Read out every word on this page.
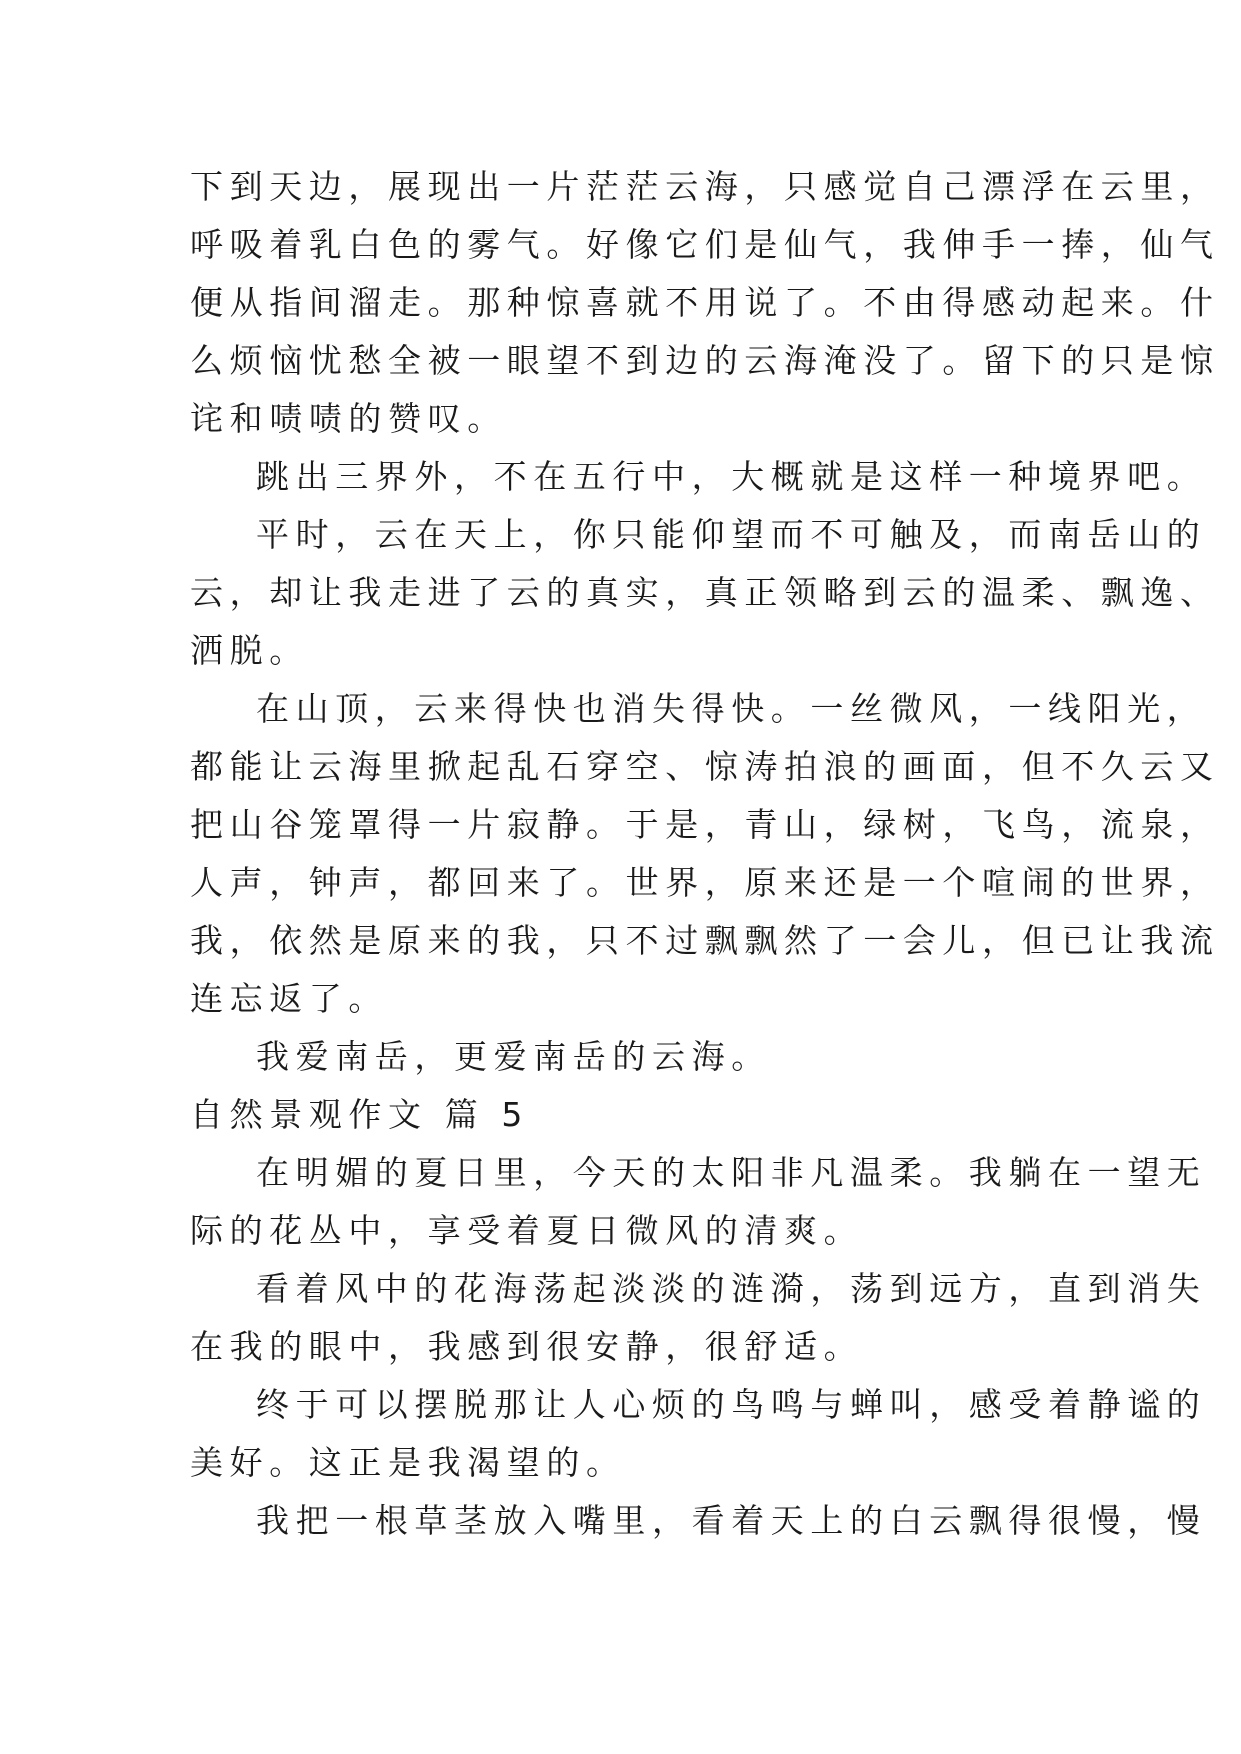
下到天边，展现出一片茫茫云海，只感觉自己漂浮在云里，
呼吸着乳白色的雾气。好像它们是仙气，我伸手一捧，仙气
便从指间溜走。那种惊喜就不用说了。不由得感动起来。什
么烦恼忧愁全被一眼望不到边的云海淹没了。留下的只是惊
诧和啧啧的赞叹。
跳出三界外，不在五行中，大概就是这样一种境界吧。
平时，云在天上，你只能仰望而不可触及，而南岳山的
云，却让我走进了云的真实，真正领略到云的温柔、飘逸、
洒脱。
在山顶，云来得快也消失得快。一丝微风，一线阳光，
都能让云海里掀起乱石穿空、惊涛拍浪的画面，但不久云又
把山谷笼罩得一片寂静。于是，青山，绿树，飞鸟，流泉，
人声，钟声，都回来了。世界，原来还是一个喧闹的世界，
我，依然是原来的我，只不过飘飘然了一会儿，但已让我流
连忘返了。
我爱南岳，更爱南岳的云海。
自然景观作文 篇 5
在明媚的夏日里，今天的太阳非凡温柔。我躺在一望无
际的花丛中，享受着夏日微风的清爽。
看着风中的花海荡起淡淡的涟漪，荡到远方，直到消失
在我的眼中，我感到很安静，很舒适。
终于可以摆脱那让人心烦的鸟鸣与蝉叫，感受着静谧的
美好。这正是我渴望的。
我把一根草茎放入嘴里，看着天上的白云飘得很慢，慢
